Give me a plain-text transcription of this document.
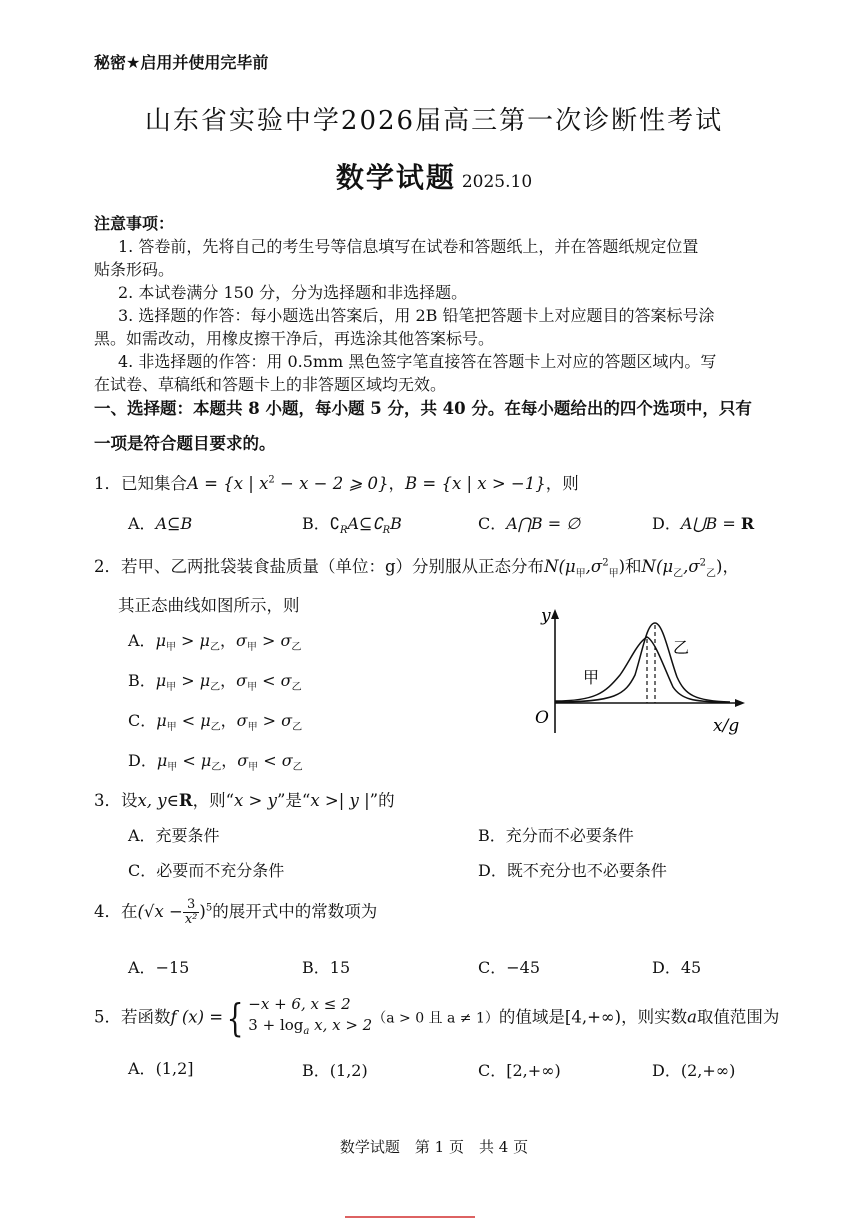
秘密★启用并使用完毕前
山东省实验中学2026届高三第一次诊断性考试
数学试题 2025.10
注意事项：
1. 答卷前，先将自己的考生号等信息填写在试卷和答题纸上，并在答题纸规定位置
贴条形码。
2. 本试卷满分 150 分，分为选择题和非选择题。
3. 选择题的作答：每小题选出答案后，用 2B 铅笔把答题卡上对应题目的答案标号涂
黑。如需改动，用橡皮擦干净后，再选涂其他答案标号。
4. 非选择题的作答：用 0.5mm 黑色签字笔直接答在答题卡上对应的答题区域内。写
在试卷、草稿纸和答题卡上的非答题区域均无效。
一、选择题：本题共 8 小题，每小题 5 分，共 40 分。在每小题给出的四个选项中，只有
一项是符合题目要求的。
1．已知集合A = {x | $x^2 - x - 2$ ⩾ 0}，B = {x | x > −1}，则
A．A⊆B	B．$∁_RA⊆∁_RB$	C．A⋂B = ∅	D．A⋃B = R
2．若甲、乙两批袋装食盐质量（单位：g）分别服从正态分布$N(\mu_甲,\sigma^2_甲)$和$N(\mu_乙,\sigma^2_乙)$，
其正态曲线如图所示，则
A．$\mu_甲 > \mu_乙$，$\sigma_甲 > \sigma_乙$
B．$\mu_甲 > \mu_乙$，$\sigma_甲 < \sigma_乙$
C．$\mu_甲 < \mu_乙$，$\sigma_甲 > \sigma_乙$
D．$\mu_甲 < \mu_乙$，$\sigma_甲 < \sigma_乙$
y
O	x/g
甲
乙
3．设x, y∈R，则“x > y”是“x >| y |”的
A．充要条件	B．充分而不必要条件
C．必要而不充分条件	D．既不充分也不必要条件
4．在$(√x - \frac{3}{\text{x²}} )^5$的展开式中的常数项为
A．−15	B．15	C．−45	D．45
5．若函数f (x) ={ −x + 6, x ≤ 2
$3 + \log_a x$, x > 2 （a > 0 且 a ≠ 1）的值域是[4,+∞)，则实数a取值范围为
A．(1,2]	B．(1,2)	C．[2,+∞)	D．(2,+∞)
数学试题　第 1 页　共 4 页
